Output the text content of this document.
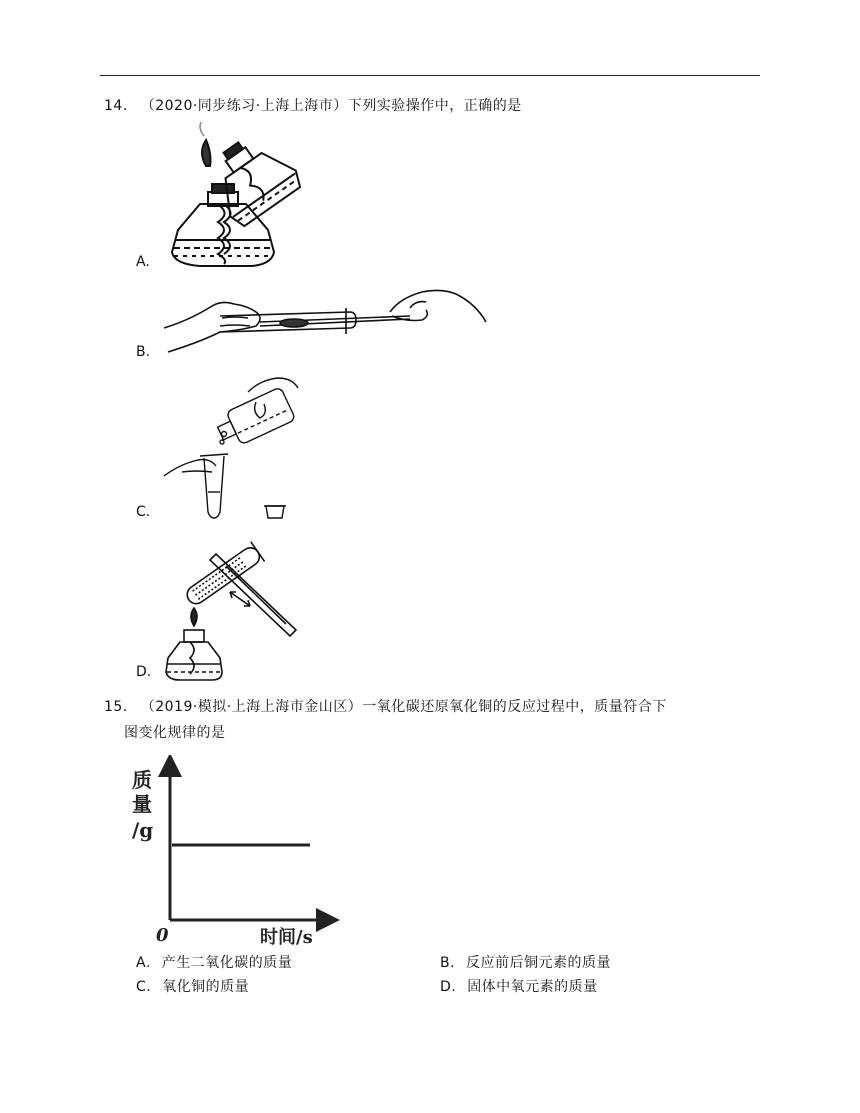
14. （2020·同步练习·上海上海市）下列实验操作中，正确的是
A.
B.
C.
D.
15. （2019·模拟·上海上海市金山区）一氧化碳还原氧化铜的反应过程中，质量符合下
图变化规律的是
质
量
/g
0	时间/s
A. 产生二氧化碳的质量	B. 反应前后铜元素的质量
C. 氧化铜的质量	D. 固体中氧元素的质量
